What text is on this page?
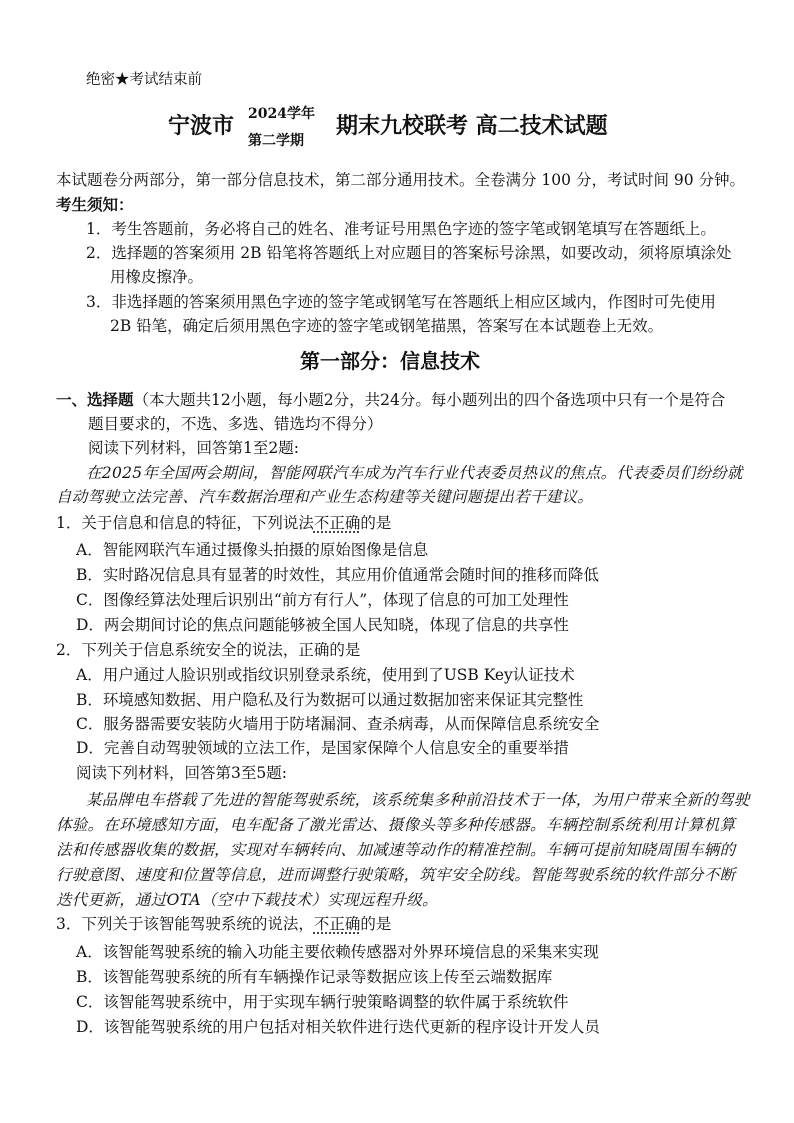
绝密★考试结束前
宁波市 2024学年
第二学期
期末九校联考 高二技术试题
本试题卷分两部分，第一部分信息技术，第二部分通用技术。全卷满分 100 分，考试时间 90 分钟。
考生须知：
1．考生答题前，务必将自己的姓名、准考证号用黑色字迹的签字笔或钢笔填写在答题纸上。
2．选择题的答案须用 2B 铅笔将答题纸上对应题目的答案标号涂黑，如要改动，须将原填涂处
用橡皮擦净。
3．非选择题的答案须用黑色字迹的签字笔或钢笔写在答题纸上相应区域内，作图时可先使用
2B 铅笔，确定后须用黑色字迹的签字笔或钢笔描黑，答案写在本试题卷上无效。
第一部分：信息技术
一、选择题（本大题共12小题，每小题2分，共24分。每小题列出的四个备选项中只有一个是符合
题目要求的，不选、多选、错选均不得分）
阅读下列材料，回答第1至2题:
在2025年全国两会期间，智能网联汽车成为汽车行业代表委员热议的焦点。代表委员们纷纷就
自动驾驶立法完善、汽车数据治理和产业生态构建等关键问题提出若干建议。
1．关于信息和信息的特征，下列说法不正确的是
A．智能网联汽车通过摄像头拍摄的原始图像是信息
B．实时路况信息具有显著的时效性，其应用价值通常会随时间的推移而降低
C．图像经算法处理后识别出“前方有行人”，体现了信息的可加工处理性
D．两会期间讨论的焦点问题能够被全国人民知晓，体现了信息的共享性
2．下列关于信息系统安全的说法，正确的是
A．用户通过人脸识别或指纹识别登录系统，使用到了USB Key认证技术
B．环境感知数据、用户隐私及行为数据可以通过数据加密来保证其完整性
C．服务器需要安装防火墙用于防堵漏洞、查杀病毒，从而保障信息系统安全
D．完善自动驾驶领域的立法工作，是国家保障个人信息安全的重要举措
阅读下列材料，回答第3至5题:
某品牌电车搭载了先进的智能驾驶系统，该系统集多种前沿技术于一体，为用户带来全新的驾驶
体验。在环境感知方面，电车配备了激光雷达、摄像头等多种传感器。车辆控制系统利用计算机算
法和传感器收集的数据，实现对车辆转向、加减速等动作的精准控制。车辆可提前知晓周围车辆的
行驶意图、速度和位置等信息，进而调整行驶策略，筑牢安全防线。智能驾驶系统的软件部分不断
迭代更新，通过OTA（空中下载技术）实现远程升级。
3．下列关于该智能驾驶系统的说法，不正确的是
A．该智能驾驶系统的输入功能主要依赖传感器对外界环境信息的采集来实现
B．该智能驾驶系统的所有车辆操作记录等数据应该上传至云端数据库
C．该智能驾驶系统中，用于实现车辆行驶策略调整的软件属于系统软件
D．该智能驾驶系统的用户包括对相关软件进行迭代更新的程序设计开发人员
